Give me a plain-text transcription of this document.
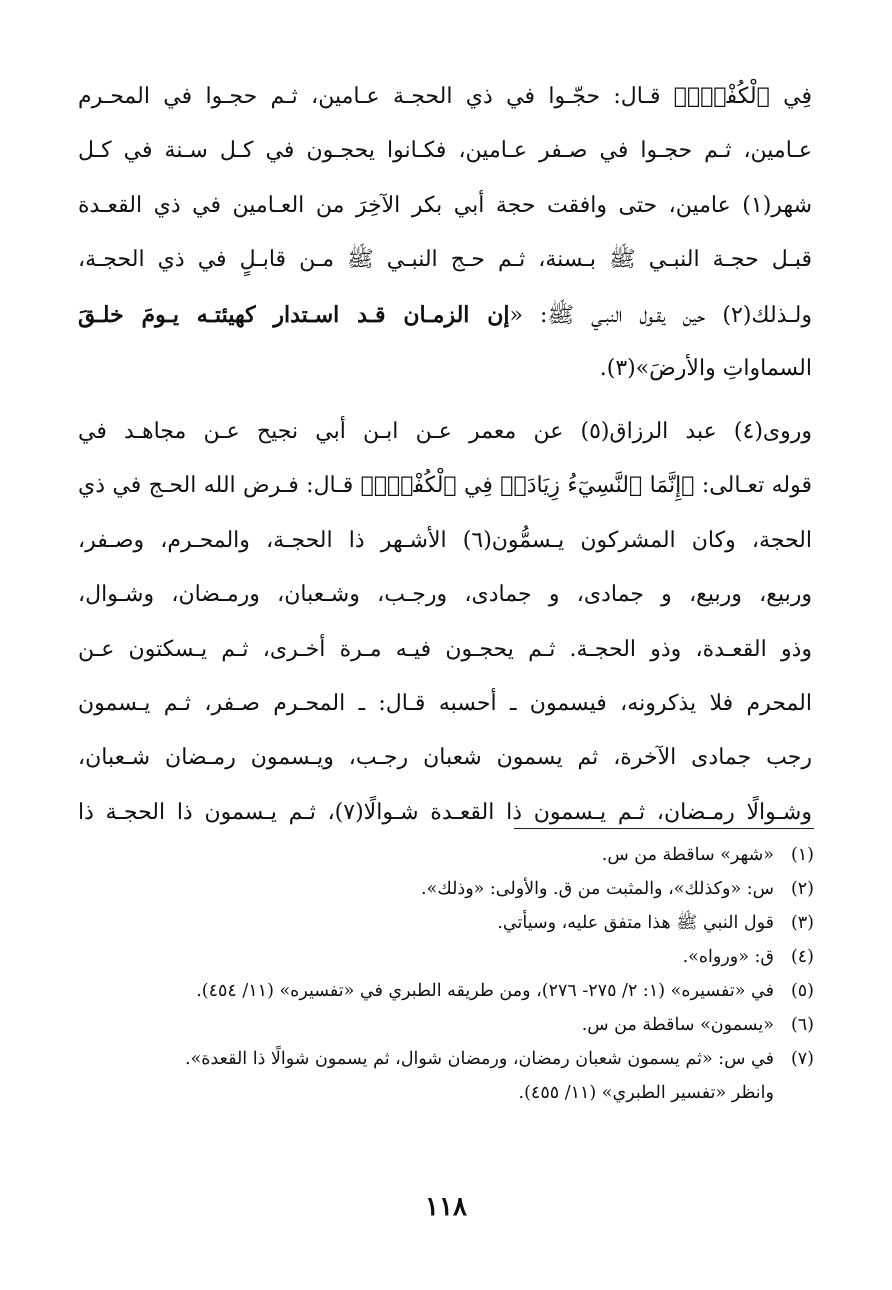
فِي ٱلْكُفْرِۖ﴾ قـال: حجّـوا في ذي الحجـة عـامين، ثـم حجـوا في المحـرم
عـامين، ثـم حجـوا في صـفر عـامين، فكـانوا يحجـون في كـل سـنة في كـل
شهر(١) عامين، حتى وافقت حجة أبي بكر الآخِرَ من العـامين في ذي القعـدة
قبـل حجـة النبـي ﷺ بـسنة، ثـم حـج النبـي ﷺ مـن قابـلٍ في ذي الحجـة،
ولـذلك(٢) حين يقـول النبـي ﷺ: «إن الزمـان قـد اسـتدار كهيئتـه يـومَ خلـقَ
السماواتِ والأرضَ»(٣).
وروى(٤) عبد الرزاق(٥) عن معمر عـن ابـن أبي نجيح عـن مجاهـد في
قوله تعـالى: ﴿إِنَّمَا ٱلنَّسِيٓءُ زِيَادَةٞ فِي ٱلْكُفْرِۖ﴾ قـال: فـرض الله الحـج في ذي
الحجة، وكان المشركون يـسمُّون(٦) الأشـهر ذا الحجـة، والمحـرم، وصـفر،
وربيع، وربيع، و جمادى، و جمادى، ورجـب، وشـعبان، ورمـضان، وشـوال،
وذو القعـدة، وذو الحجـة. ثـم يحجـون فيـه مـرة أخـرى، ثـم يـسكتون عـن
المحرم فلا يذكرونه، فيسمون ـ أحسبه قـال: ـ المحـرم صـفر، ثـم يـسمون
رجب جمادى الآخرة، ثم يسمون شعبان رجـب، ويـسمون رمـضان شـعبان،
وشـوالًا رمـضان، ثـم يـسمون ذا القعـدة شـوالًا(٧)، ثـم يـسمون ذا الحجـة ذا
(١)«شهر» ساقطة من س.
(٢)س: «وكذلك»، والمثبت من ق. والأولى: «وذلك».
(٣)قول النبي ﷺ هذا متفق عليه، وسيأتي.
(٤)ق: «ورواه».
(٥)في «تفسيره» (١: ٢/ ٢٧٥- ٢٧٦)، ومن طريقه الطبري في «تفسيره» (١١/ ٤٥٤).
(٦)«يسمون» ساقطة من س.
(٧)في س: «ثم يسمون شعبان رمضان، ورمضان شوال، ثم يسمون شوالًا ذا القعدة».
وانظر «تفسير الطبري» (١١/ ٤٥٥).
١١٨
